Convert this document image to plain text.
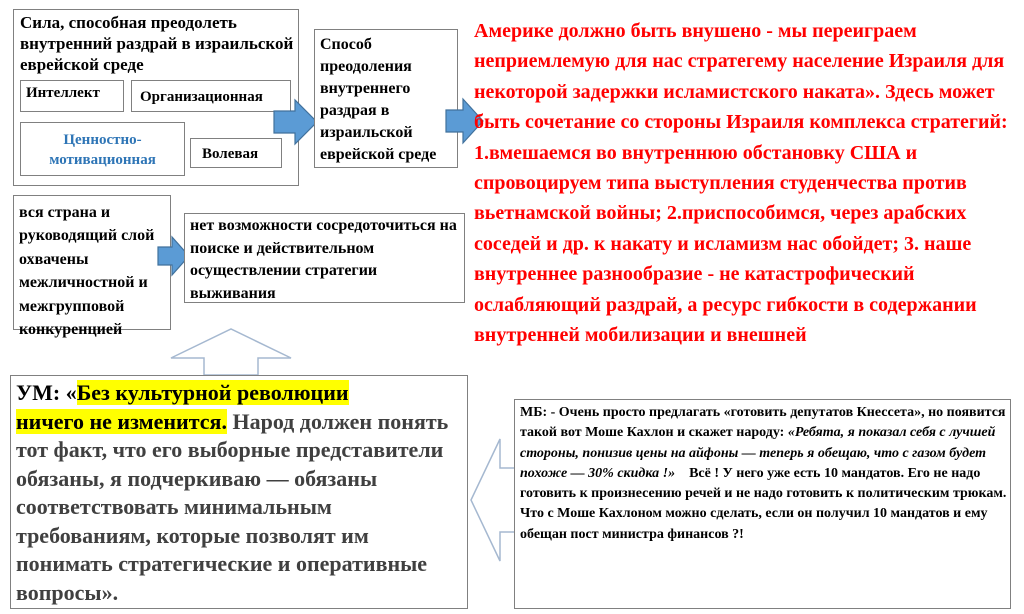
Сила, способная преодолеть внутренний раздрай в израильской еврейской среде
Интеллект	Организационная
Ценностно-
мотивационная	Волевая
Способ преодоления внутреннего раздрая в израильской еврейской среде
Америке должно быть внушено - мы переиграем неприемлемую для нас стратегему население Израиля для некоторой задержки исламистского наката». Здесь может быть сочетание со стороны Израиля комплекса стратегий: 1.вмешаемся во внутреннюю обстановку США и спровоцируем типа выступления студенчества против вьетнамской войны; 2.приспособимся, через арабских соседей и др. к накату и исламизм нас обойдет; 3. наше внутреннее разнообразие - не катастрофический ослабляющий раздрай, а ресурс гибкости в содержании внутренней мобилизации и внешней
вся страна и руководящий слой охвачены межличностной и межгрупповой конкуренцией
нет возможности сосредоточиться на поиске и действительном осуществлении стратегии выживания
УМ: «Без культурной революции
ничего не изменится. Народ должен понять тот факт, что его выборные представители обязаны, я подчеркиваю — обязаны соответствовать минимальным требованиям, которые позволят им понимать стратегические и оперативные вопросы».
МБ: - Очень просто предлагать «готовить депутатов Кнессета», но появится такой вот Моше Кахлон и скажет народу: «Ребята, я показал себя с лучшей стороны, понизив цены на айфоны — теперь я обещаю, что с газом будет похоже — 30% скидка !»    Всё ! У него уже есть 10 мандатов. Его не надо готовить к произнесению речей и не надо готовить к политическим трюкам. Что с Моше Кахлоном можно сделать, если он получил 10 мандатов и ему обещан пост министра финансов ?!
